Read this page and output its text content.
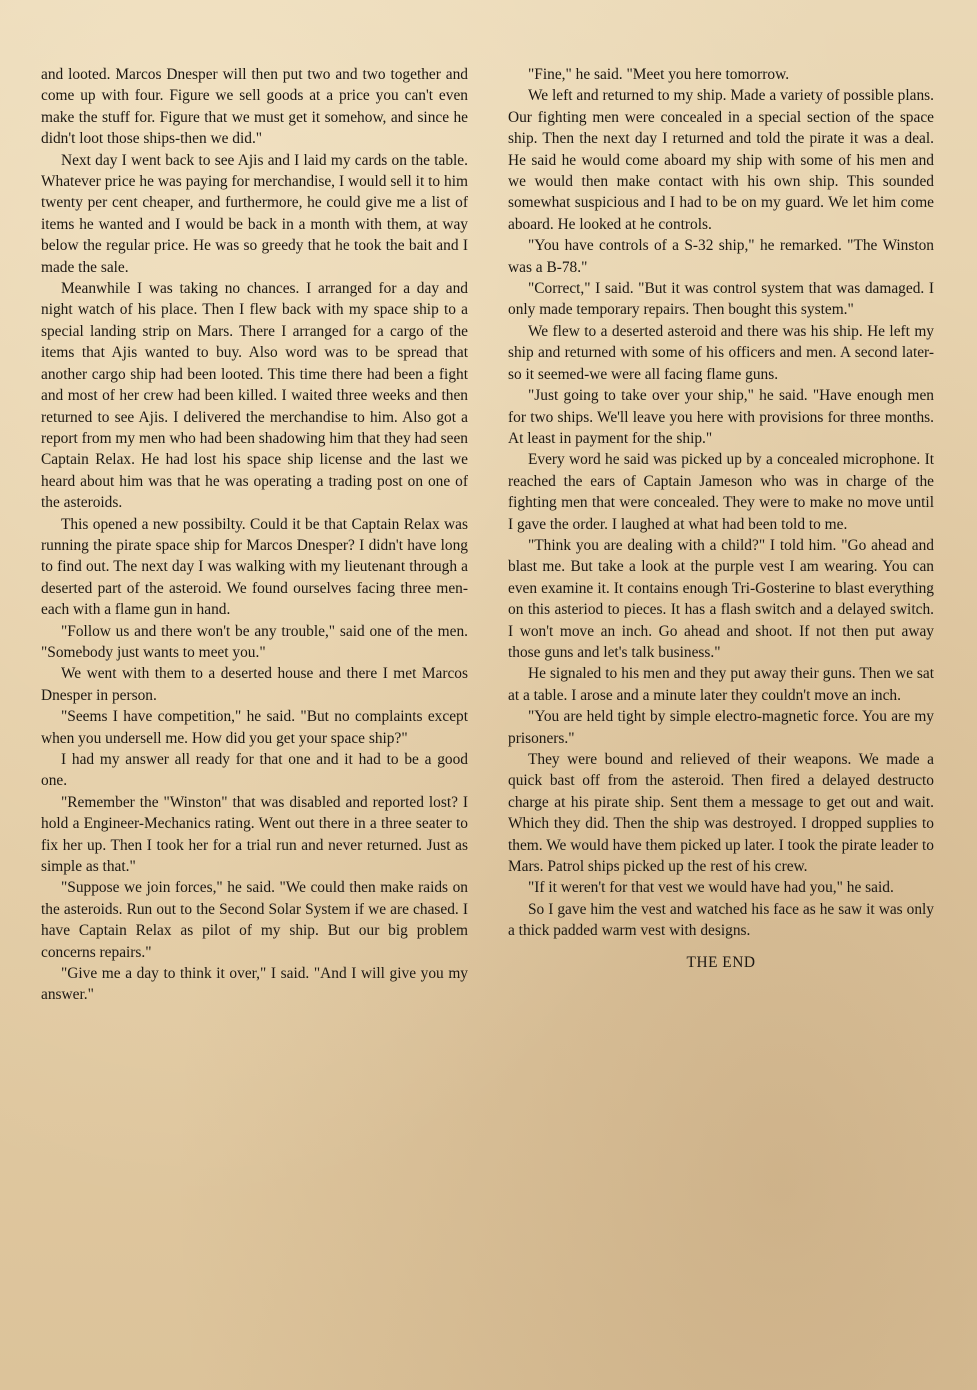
and looted. Marcos Dnesper will then put two and two together and come up with four. Figure we sell goods at a price you can't even make the stuff for. Figure that we must get it somehow, and since he didn't loot those ships-then we did."

Next day I went back to see Ajis and I laid my cards on the table. Whatever price he was paying for merchandise, I would sell it to him twenty per cent cheaper, and furthermore, he could give me a list of items he wanted and I would be back in a month with them, at way below the regular price. He was so greedy that he took the bait and I made the sale.

Meanwhile I was taking no chances. I arranged for a day and night watch of his place. Then I flew back with my space ship to a special landing strip on Mars. There I arranged for a cargo of the items that Ajis wanted to buy. Also word was to be spread that another cargo ship had been looted. This time there had been a fight and most of her crew had been killed. I waited three weeks and then returned to see Ajis. I delivered the merchandise to him. Also got a report from my men who had been shadowing him that they had seen Captain Relax. He had lost his space ship license and the last we heard about him was that he was operating a trading post on one of the asteroids.

This opened a new possibilty. Could it be that Captain Relax was running the pirate space ship for Marcos Dnesper? I didn't have long to find out. The next day I was walking with my lieutenant through a deserted part of the asteroid. We found ourselves facing three men-each with a flame gun in hand.

"Follow us and there won't be any trouble," said one of the men. "Somebody just wants to meet you."

We went with them to a deserted house and there I met Marcos Dnesper in person.

"Seems I have competition," he said. "But no complaints except when you undersell me. How did you get your space ship?"

I had my answer all ready for that one and it had to be a good one.

"Remember the "Winston" that was disabled and reported lost? I hold a Engineer-Mechanics rating. Went out there in a three seater to fix her up. Then I took her for a trial run and never returned. Just as simple as that."

"Suppose we join forces," he said. "We could then make raids on the asteroids. Run out to the Second Solar System if we are chased. I have Captain Relax as pilot of my ship. But our big problem concerns repairs."

"Give me a day to think it over," I said. "And I will give you my answer."

"Fine," he said. "Meet you here tomorrow.

We left and returned to my ship. Made a variety of possible plans. Our fighting men were concealed in a special section of the space ship. Then the next day I returned and told the pirate it was a deal. He said he would come aboard my ship with some of his men and we would then make contact with his own ship. This sounded somewhat suspicious and I had to be on my guard. We let him come aboard. He looked at he controls.

"You have controls of a S-32 ship," he remarked. "The Winston was a B-78."

"Correct," I said. "But it was control system that was damaged. I only made temporary repairs. Then bought this system."

We flew to a deserted asteroid and there was his ship. He left my ship and returned with some of his officers and men. A second later-so it seemed-we were all facing flame guns.

"Just going to take over your ship," he said. "Have enough men for two ships. We'll leave you here with provisions for three months. At least in payment for the ship."

Every word he said was picked up by a concealed microphone. It reached the ears of Captain Jameson who was in charge of the fighting men that were concealed. They were to make no move until I gave the order. I laughed at what had been told to me.

"Think you are dealing with a child?" I told him. "Go ahead and blast me. But take a look at the purple vest I am wearing. You can even examine it. It contains enough Tri-Gosterine to blast everything on this asteriod to pieces. It has a flash switch and a delayed switch. I won't move an inch. Go ahead and shoot. If not then put away those guns and let's talk business."

He signaled to his men and they put away their guns. Then we sat at a table. I arose and a minute later they couldn't move an inch.

"You are held tight by simple electro-magnetic force. You are my prisoners."

They were bound and relieved of their weapons. We made a quick bast off from the asteroid. Then fired a delayed destructo charge at his pirate ship. Sent them a message to get out and wait. Which they did. Then the ship was destroyed. I dropped supplies to them. We would have them picked up later. I took the pirate leader to Mars. Patrol ships picked up the rest of his crew.

"If it weren't for that vest we would have had you," he said.

So I gave him the vest and watched his face as he saw it was only a thick padded warm vest with designs.

THE END
